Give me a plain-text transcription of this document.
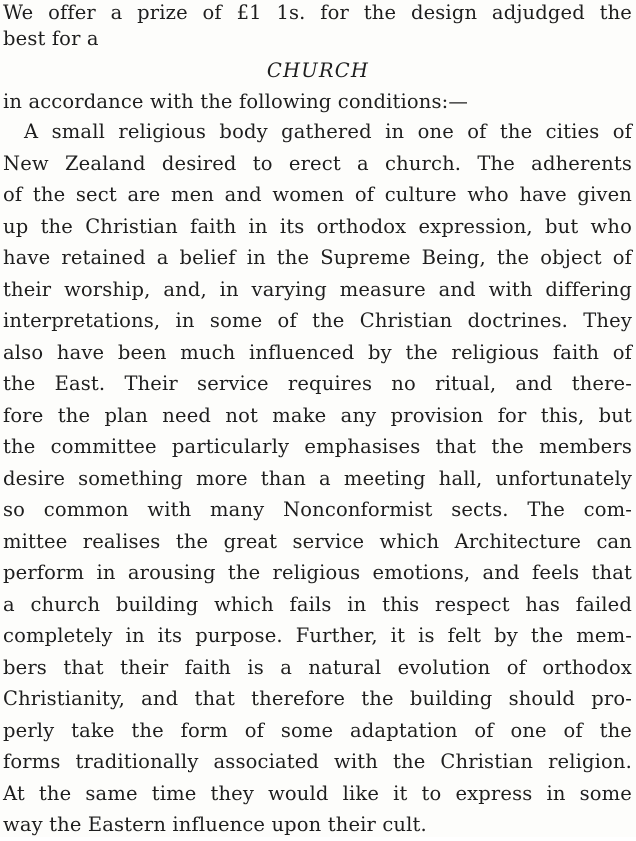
We offer a prize of £1 1s. for the design adjudged the
best for a
CHURCH
in accordance with the following conditions:—
A small religious body gathered in one of the cities of
New Zealand desired to erect a church. The adherents
of the sect are men and women of culture who have given
up the Christian faith in its orthodox expression, but who
have retained a belief in the Supreme Being, the object of
their worship, and, in varying measure and with differing
interpretations, in some of the Christian doctrines. They
also have been much influenced by the religious faith of
the East. Their service requires no ritual, and there-
fore the plan need not make any provision for this, but
the committee particularly emphasises that the members
desire something more than a meeting hall, unfortunately
so common with many Nonconformist sects. The com-
mittee realises the great service which Architecture can
perform in arousing the religious emotions, and feels that
a church building which fails in this respect has failed
completely in its purpose. Further, it is felt by the mem-
bers that their faith is a natural evolution of orthodox
Christianity, and that therefore the building should pro-
perly take the form of some adaptation of one of the
forms traditionally associated with the Christian religion.
At the same time they would like it to express in some
way the Eastern influence upon their cult.
